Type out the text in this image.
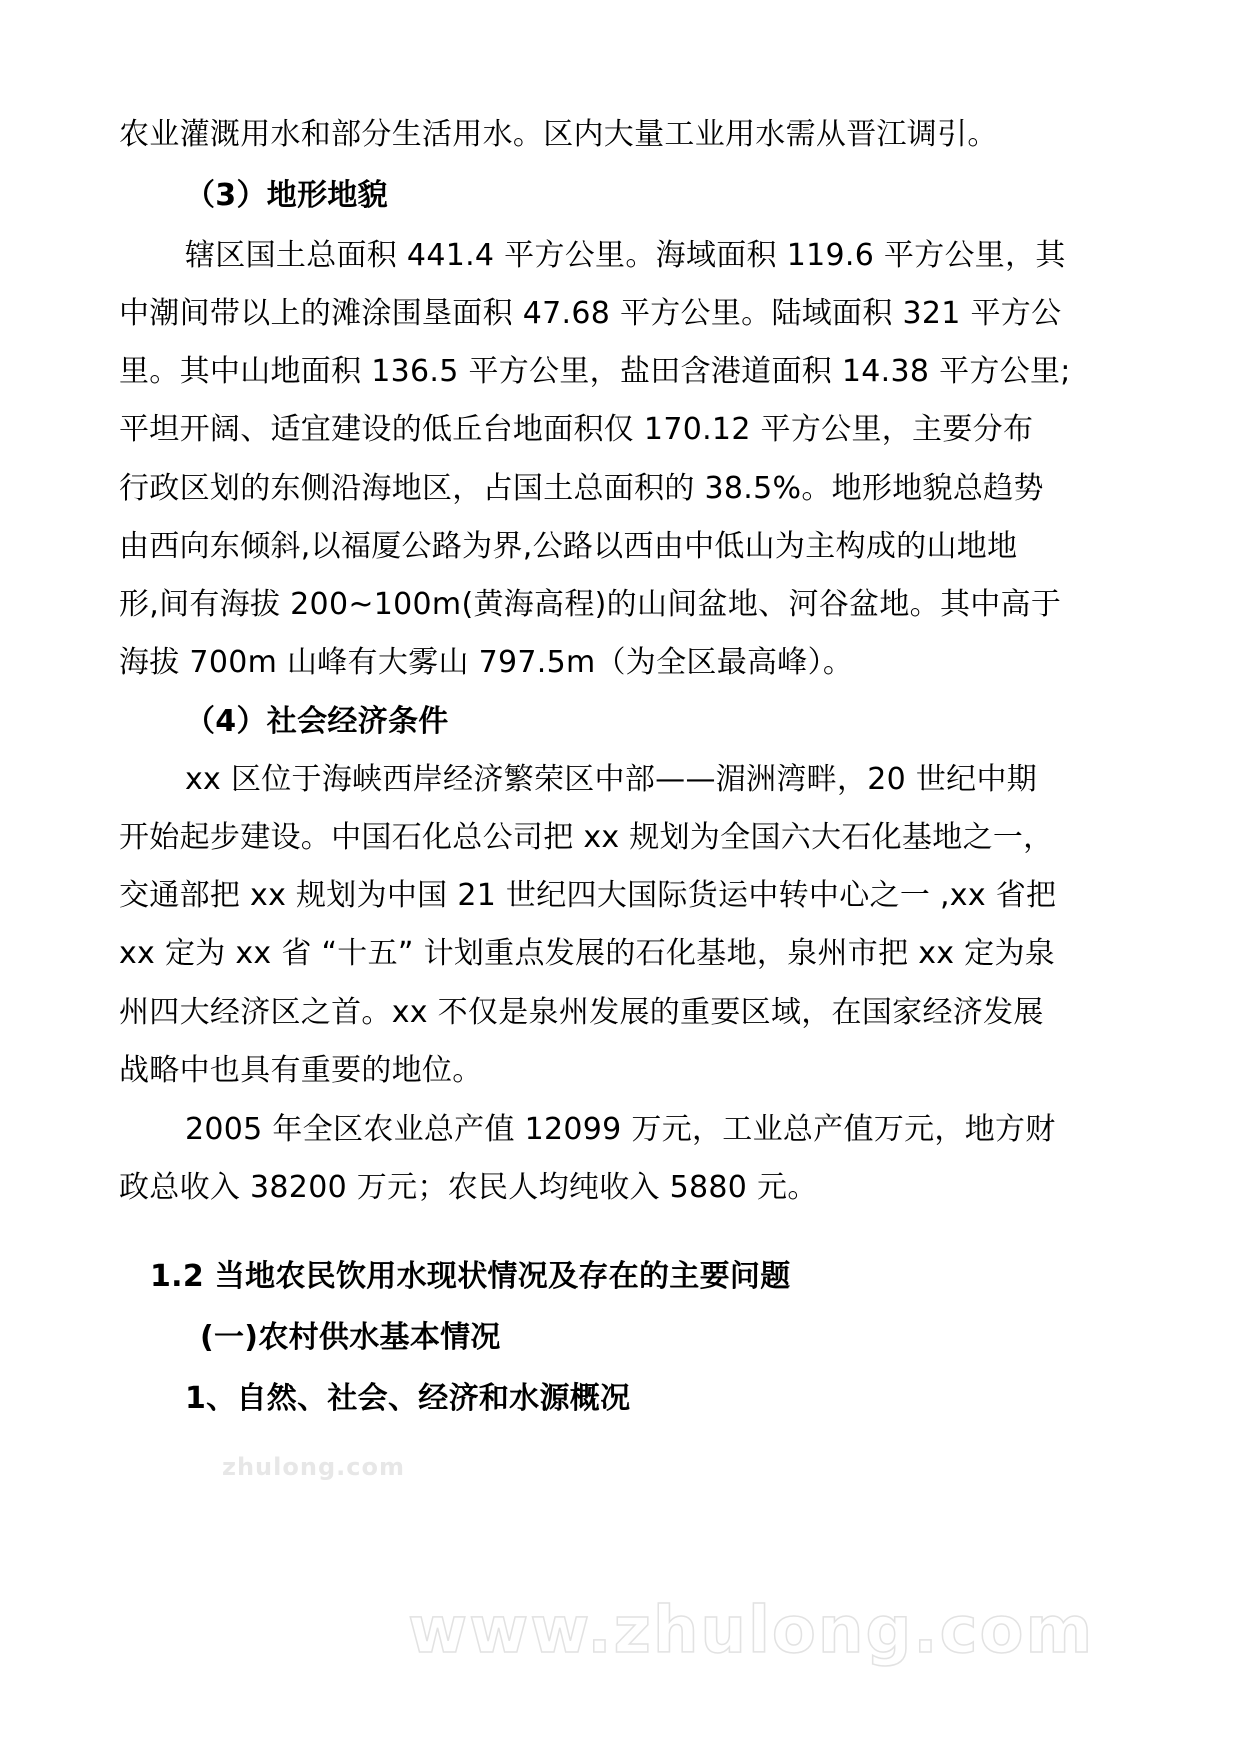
农业灌溉用水和部分生活用水。区内大量工业用水需从晋江调引。
（3）地形地貌
辖区国土总面积 441.4 平方公里。海域面积 119.6 平方公里，其
中潮间带以上的滩涂围垦面积 47.68 平方公里。陆域面积 321 平方公
里。其中山地面积 136.5 平方公里，盐田含港道面积 14.38 平方公里;
平坦开阔、适宜建设的低丘台地面积仅 170.12 平方公里，主要分布
行政区划的东侧沿海地区，占国土总面积的 38.5%。地形地貌总趋势
由西向东倾斜,以福厦公路为界,公路以西由中低山为主构成的山地地
形,间有海拔 200~100m(黄海高程)的山间盆地、河谷盆地。其中高于
海拔 700m 山峰有大雾山 797.5m（为全区最高峰）。
（4）社会经济条件
xx 区位于海峡西岸经济繁荣区中部——湄洲湾畔，20 世纪中期
开始起步建设。中国石化总公司把 xx 规划为全国六大石化基地之一，
交通部把 xx 规划为中国 21 世纪四大国际货运中转中心之一 ,xx 省把
xx 定为 xx 省 “十五” 计划重点发展的石化基地，泉州市把 xx 定为泉
州四大经济区之首。xx 不仅是泉州发展的重要区域，在国家经济发展
战略中也具有重要的地位。
2005 年全区农业总产值 12099 万元，工业总产值万元，地方财
政总收入 38200 万元；农民人均纯收入 5880 元。
1.2 当地农民饮用水现状情况及存在的主要问题
zhulong.com
(一)农村供水基本情况
1、自然、社会、经济和水源概况
www.zhulong.com
